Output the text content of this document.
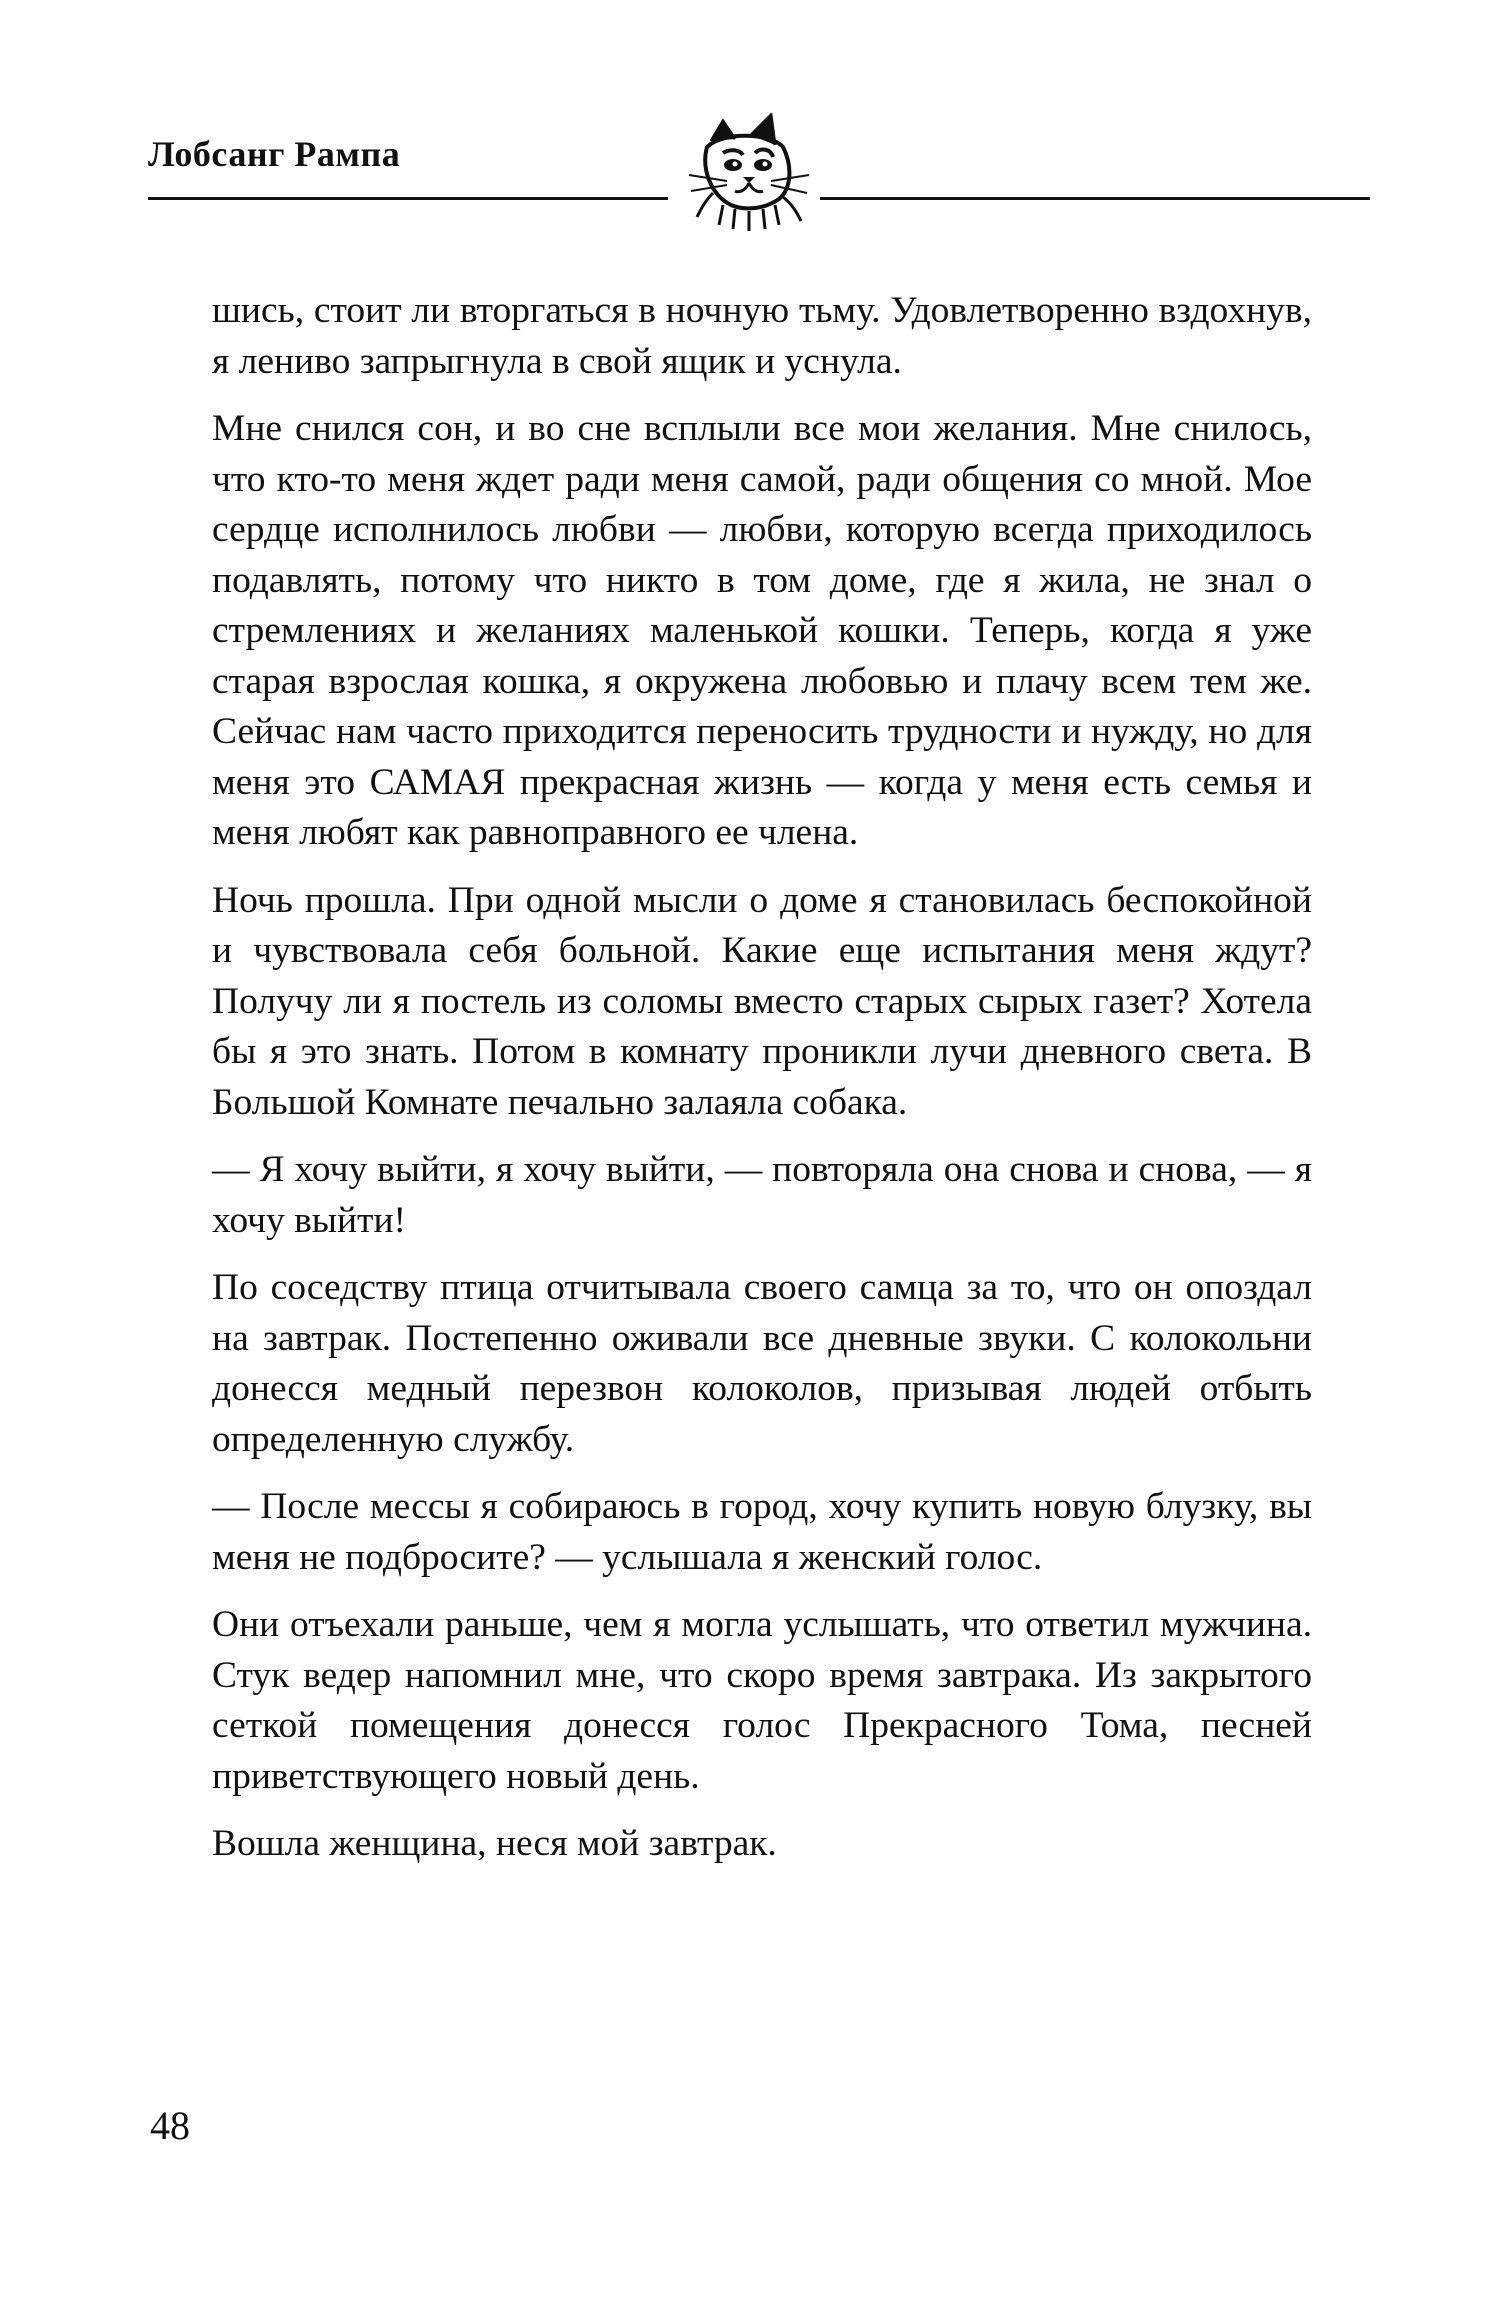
Лобсанг Рампа

шись, стоит ли вторгаться в ночную тьму. Удовлетворенно вздохнув, я лениво запрыгнула в свой ящик и уснула.

Мне снился сон, и во сне всплыли все мои желания. Мне снилось, что кто-то меня ждет ради меня самой, ради общения со мной. Мое сердце исполнилось любви — любви, которую всегда приходилось подавлять, потому что никто в том доме, где я жила, не знал о стремлениях и желаниях маленькой кошки. Теперь, когда я уже старая взрослая кошка, я окружена любовью и плачу всем тем же. Сейчас нам часто приходится переносить трудности и нужду, но для меня это САМАЯ прекрасная жизнь — когда у меня есть семья и меня любят как равноправного ее члена.

Ночь прошла. При одной мысли о доме я становилась беспокойной и чувствовала себя больной. Какие еще испытания меня ждут? Получу ли я постель из соломы вместо старых сырых газет? Хотела бы я это знать. Потом в комнату проникли лучи дневного света. В Большой Комнате печально залаяла собака.

— Я хочу выйти, я хочу выйти, — повторяла она снова и снова, — я хочу выйти!

По соседству птица отчитывала своего самца за то, что он опоздал на завтрак. Постепенно оживали все дневные звуки. С колокольни донесся медный перезвон колоколов, призывая людей отбыть определенную службу.

— После мессы я собираюсь в город, хочу купить новую блузку, вы меня не подбросите? — услышала я женский голос.

Они отъехали раньше, чем я могла услышать, что ответил мужчина. Стук ведер напомнил мне, что скоро время завтрака. Из закрытого сеткой помещения донесся голос Прекрасного Тома, песней приветствующего новый день.

Вошла женщина, неся мой завтрак.

48
